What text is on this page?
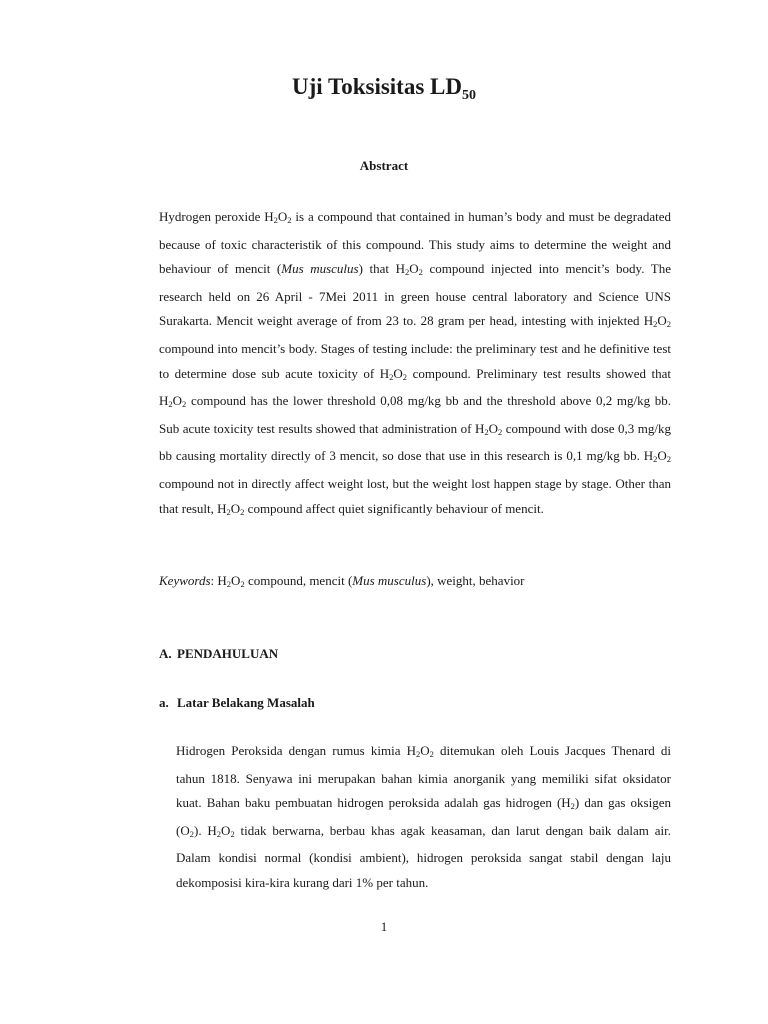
Uji Toksisitas $LD_{50}$
Abstract

Hydrogen peroxide $H_2O_2$ is a compound that contained in human’s body and must be degradated because of toxic characteristik of this compound. This study aims to determine the weight and behaviour of mencit (Mus musculus) that $H_2O_2$ compound injected into mencit’s body. The research held on 26 April - 7Mei 2011 in green house central laboratory and Science UNS Surakarta. Mencit weight average of from 23 to. 28 gram per head, intesting with injekted $H_2O_2$ compound into mencit’s body. Stages of testing include: the preliminary test and he definitive test to determine dose sub acute toxicity of $H_2O_2$ compound. Preliminary test results showed that $H_2O_2$ compound has the lower threshold 0,08 mg/kg bb and the threshold above 0,2 mg/kg bb. Sub acute toxicity test results showed that administration of $H_2O_2$ compound with dose 0,3 mg/kg bb causing mortality directly of 3 mencit, so dose that use in this research is 0,1 mg/kg bb. $H_2O_2$ compound not in directly affect weight lost, but the weight lost happen stage by stage. Other than that result, $H_2O_2$ compound affect quiet significantly behaviour of mencit.

Keywords: $H_2O_2$ compound, mencit (Mus musculus), weight, behavior

A. PENDAHULUAN
a. Latar Belakang Masalah

Hidrogen Peroksida dengan rumus kimia $H_2O_2$ ditemukan oleh Louis Jacques Thenard di tahun 1818. Senyawa ini merupakan bahan kimia anorganik yang memiliki sifat oksidator kuat. Bahan baku pembuatan hidrogen peroksida adalah gas hidrogen $(H_2)$ dan gas oksigen $(O_2)$. $H_2O_2$ tidak berwarna, berbau khas agak keasaman, dan larut dengan baik dalam air. Dalam kondisi normal (kondisi ambient), hidrogen peroksida sangat stabil dengan laju dekomposisi kira-kira kurang dari 1% per tahun.

1
